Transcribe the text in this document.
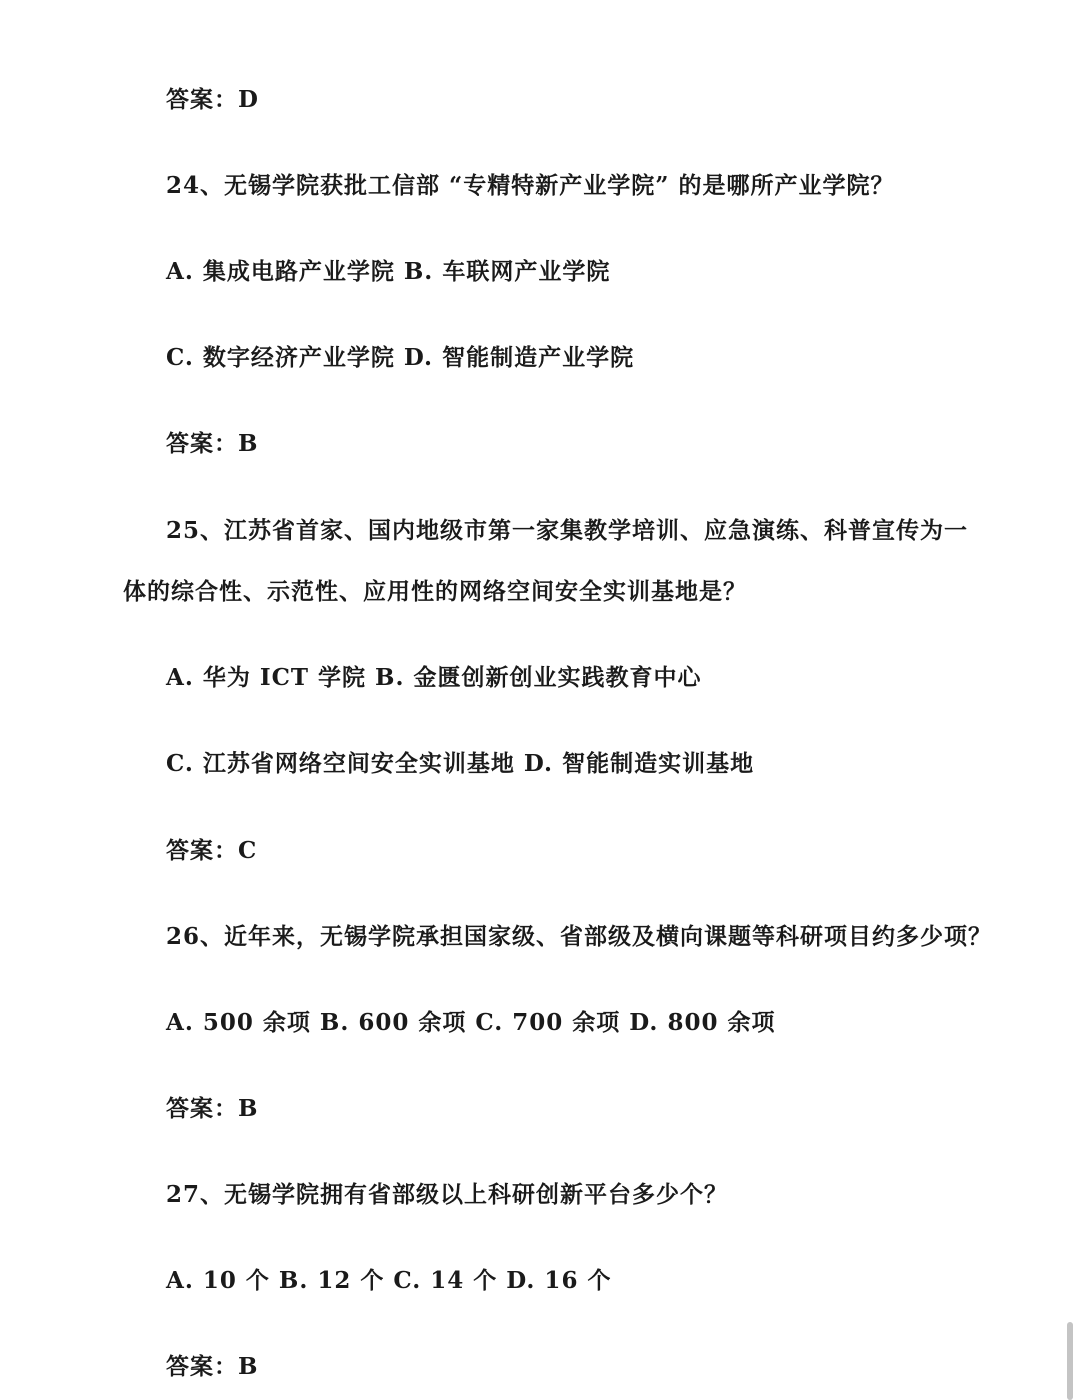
答案：D
24、无锡学院获批工信部 “专精特新产业学院” 的是哪所产业学院？
A. 集成电路产业学院 B. 车联网产业学院
C. 数字经济产业学院 D. 智能制造产业学院
答案：B
25、江苏省首家、国内地级市第一家集教学培训、应急演练、科普宣传为一
体的综合性、示范性、应用性的网络空间安全实训基地是？
A. 华为 ICT 学院 B. 金匮创新创业实践教育中心
C. 江苏省网络空间安全实训基地 D. 智能制造实训基地
答案：C
26、近年来，无锡学院承担国家级、省部级及横向课题等科研项目约多少项？
A. 500 余项 B. 600 余项 C. 700 余项 D. 800 余项
答案：B
27、无锡学院拥有省部级以上科研创新平台多少个？
A. 10 个 B. 12 个 C. 14 个 D. 16 个
答案：B
